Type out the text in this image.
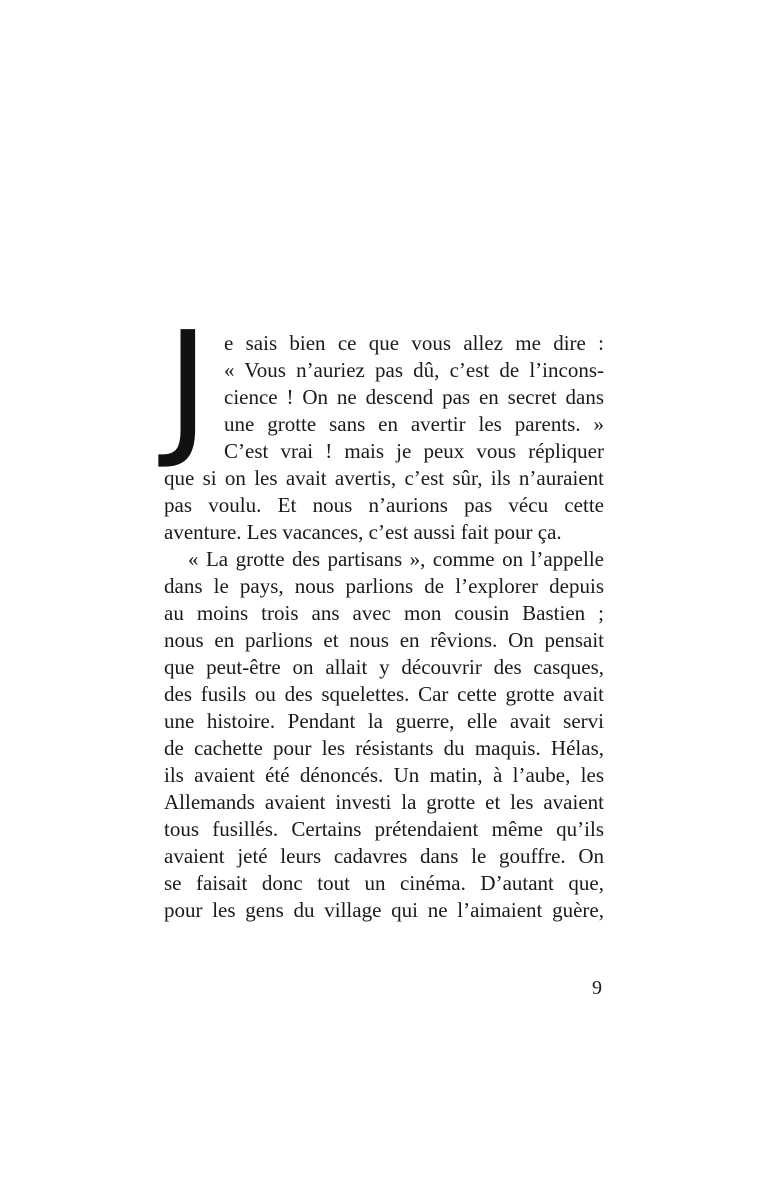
J e sais bien ce que vous allez me dire :
« Vous n’auriez pas dû, c’est de l’incons-
cience ! On ne descend pas en secret dans
une grotte sans en avertir les parents. »
C’est vrai ! mais je peux vous répliquer
que si on les avait avertis, c’est sûr, ils n’auraient
pas voulu. Et nous n’aurions pas vécu cette
aventure. Les vacances, c’est aussi fait pour ça.
« La grotte des partisans », comme on l’appelle
dans le pays, nous parlions de l’explorer depuis
au moins trois ans avec mon cousin Bastien ;
nous en parlions et nous en rêvions. On pensait
que peut-être on allait y découvrir des casques,
des fusils ou des squelettes. Car cette grotte avait
une histoire. Pendant la guerre, elle avait servi
de cachette pour les résistants du maquis. Hélas,
ils avaient été dénoncés. Un matin, à l’aube, les
Allemands avaient investi la grotte et les avaient
tous fusillés. Certains prétendaient même qu’ils
avaient jeté leurs cadavres dans le gouffre. On
se faisait donc tout un cinéma. D’autant que,
pour les gens du village qui ne l’aimaient guère,
9
